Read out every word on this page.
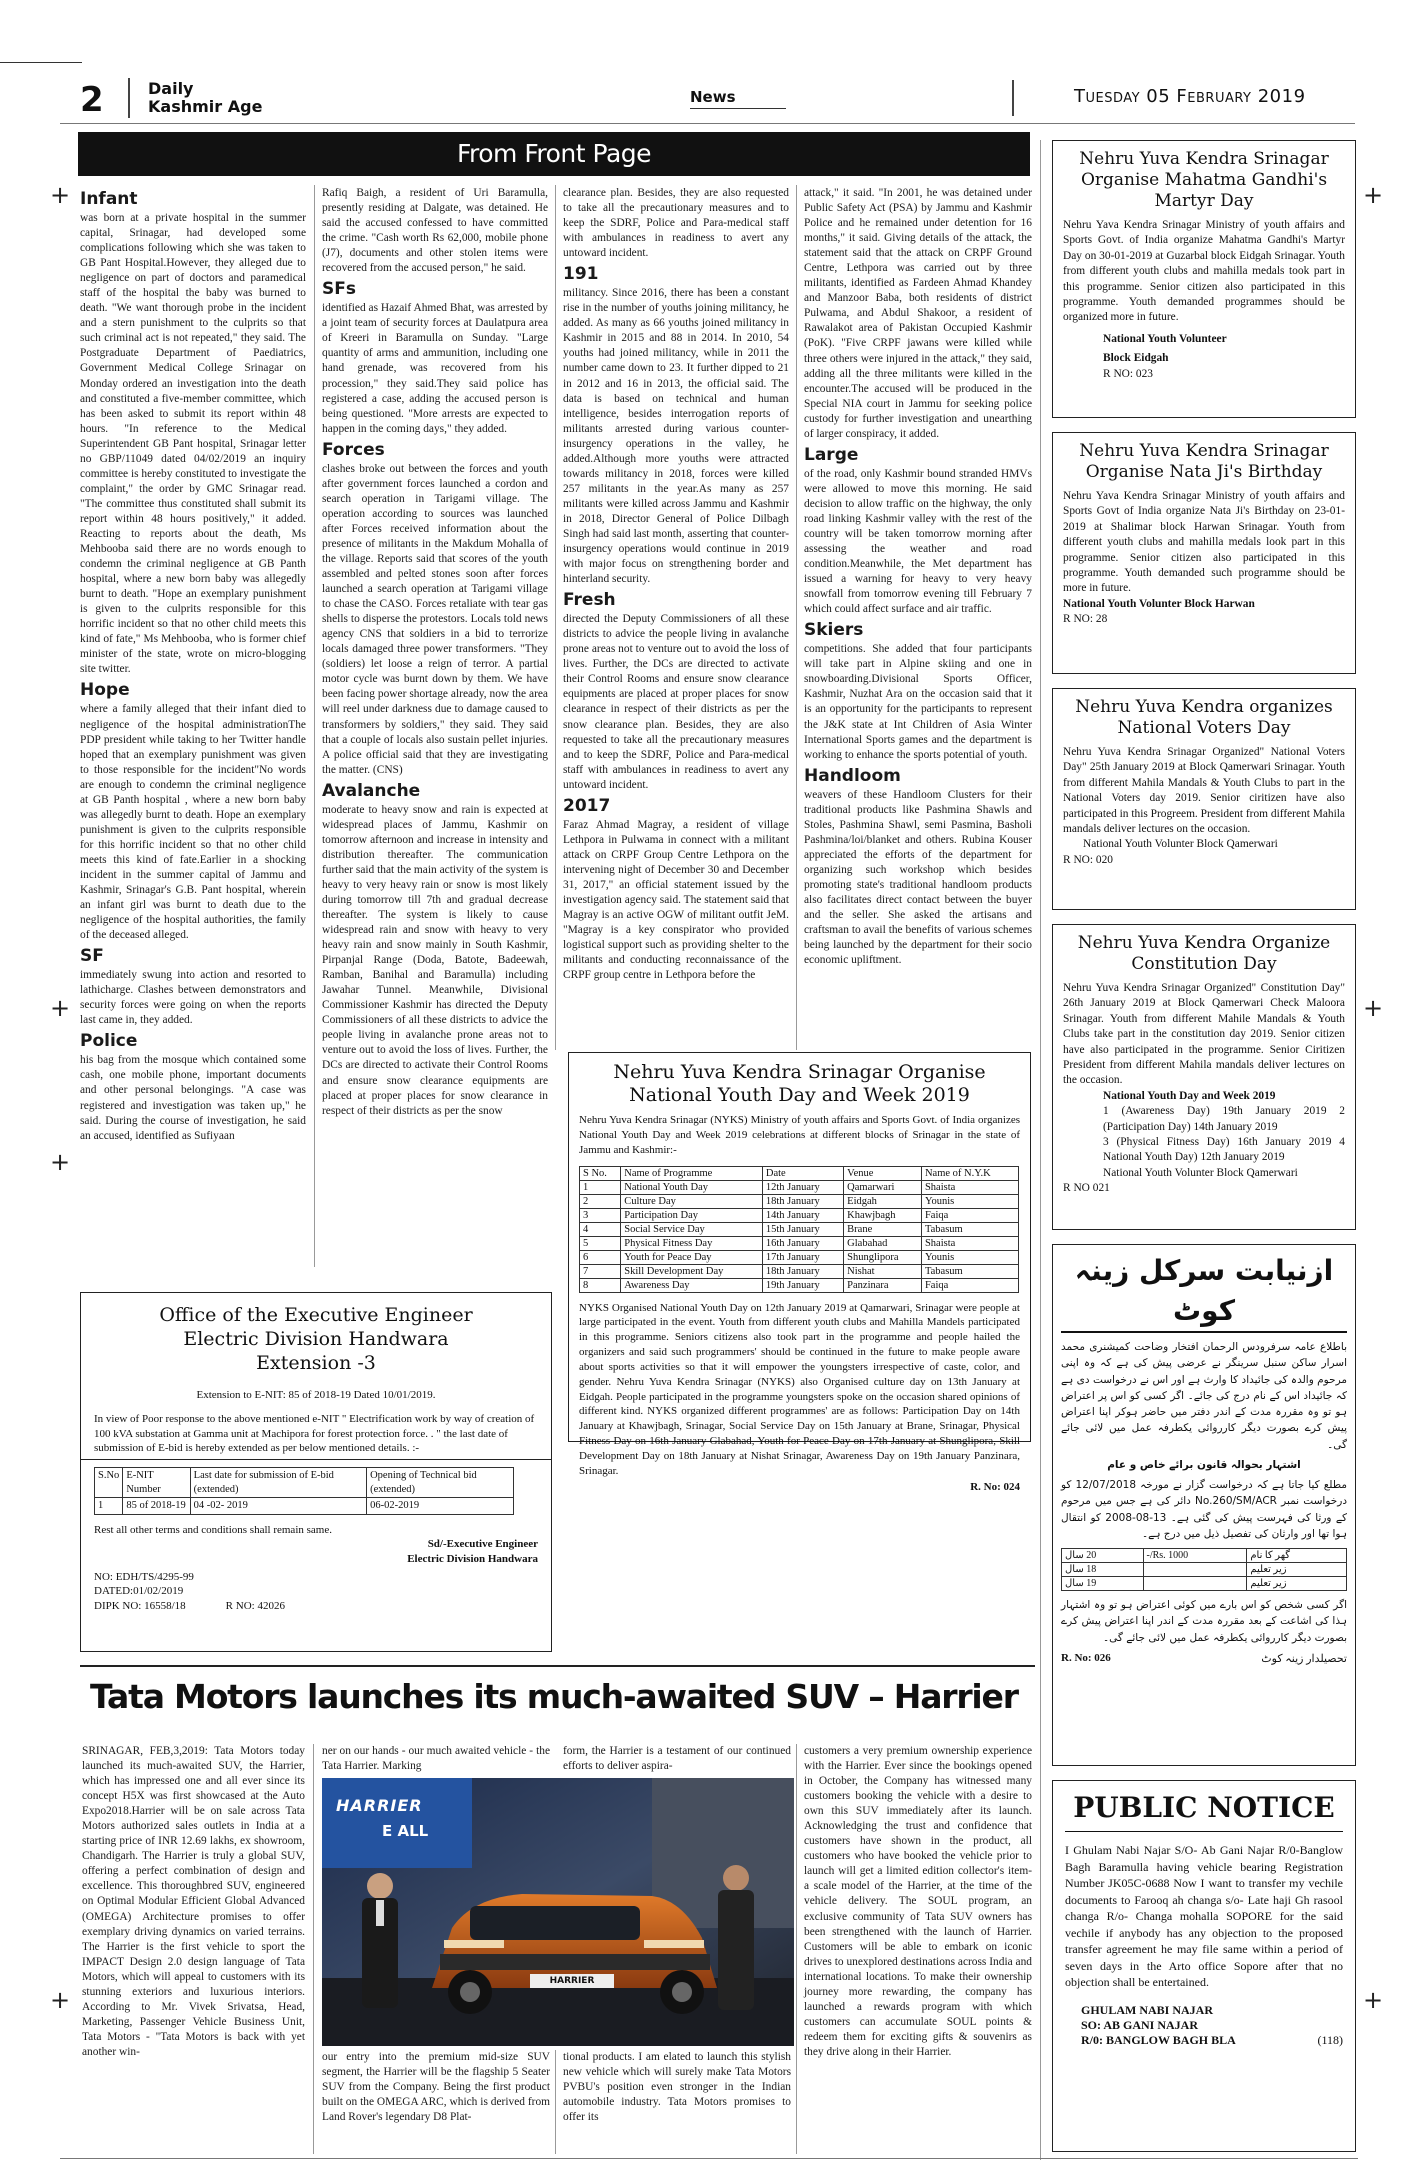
2	Daily
Kashmir Age	News	Tuesday 05 February 2019
From Front Page
+	+
+	+
+
+	+
Infant

was born at a private hospital in the summer capital, Srinagar, had developed some complications following which she was taken to GB Pant Hospital.However, they alleged due to negligence on part of doctors and paramedical staff of the hospital the baby was burned to death. "We want thorough probe in the incident and a stern punishment to the culprits so that such criminal act is not repeated," they said. The Postgraduate Department of Paediatrics, Government Medical College Srinagar on Monday ordered an investigation into the death and constituted a five-member committee, which has been asked to submit its report within 48 hours. "In reference to the Medical Superintendent GB Pant hospital, Srinagar letter no GBP/11049 dated 04/02/2019 an inquiry committee is hereby constituted to investigate the complaint," the order by GMC Srinagar read. "The committee thus constituted shall submit its report within 48 hours positively," it added. Reacting to reports about the death, Ms Mehbooba said there are no words enough to condemn the criminal negligence at GB Panth hospital, where a new born baby was allegedly burnt to death. "Hope an exemplary punishment is given to the culprits responsible for this horrific incident so that no other child meets this kind of fate," Ms Mehbooba, who is former chief minister of the state, wrote on micro-blogging site twitter.

Hope

where a family alleged that their infant died to negligence of the hospital administrationThe PDP president while taking to her Twitter handle hoped that an exemplary punishment was given to those responsible for the incident"No words are enough to condemn the criminal negligence at GB Panth hospital , where a new born baby was allegedly burnt to death. Hope an exemplary punishment is given to the culprits responsible for this horrific incident so that no other child meets this kind of fate.Earlier in a shocking incident in the summer capital of Jammu and Kashmir, Srinagar's G.B. Pant hospital, wherein an infant girl was burnt to death due to the negligence of the hospital authorities, the family of the deceased alleged.

SF

immediately swung into action and resorted to lathicharge. Clashes between demonstrators and security forces were going on when the reports last came in, they added.

Police

his bag from the mosque which contained some cash, one mobile phone, important documents and other personal belongings. "A case was registered and investigation was taken up," he said. During the course of investigation, he said an accused, identified as Sufiyaan

Rafiq Baigh, a resident of Uri Baramulla, presently residing at Dalgate, was detained. He said the accused confessed to have committed the crime. "Cash worth Rs 62,000, mobile phone (J7), documents and other stolen items were recovered from the accused person," he said.

SFs

identified as Hazaif Ahmed Bhat, was arrested by a joint team of security forces at Daulatpura area of Kreeri in Baramulla on Sunday. "Large quantity of arms and ammunition, including one hand grenade, was recovered from his procession," they said.They said police has registered a case, adding the accused person is being questioned. "More arrests are expected to happen in the coming days," they added.

Forces

clashes broke out between the forces and youth after government forces launched a cordon and search operation in Tarigami village. The operation according to sources was launched after Forces received information about the presence of militants in the Makdum Mohalla of the village. Reports said that scores of the youth assembled and pelted stones soon after forces launched a search operation at Tarigami village to chase the CASO. Forces retaliate with tear gas shells to disperse the protestors. Locals told news agency CNS that soldiers in a bid to terrorize locals damaged three power transformers. "They (soldiers) let loose a reign of terror. A partial motor cycle was burnt down by them. We have been facing power shortage already, now the area will reel under darkness due to damage caused to transformers by soldiers," they said. They said that a couple of locals also sustain pellet injuries. A police official said that they are investigating the matter. (CNS)

Avalanche

moderate to heavy snow and rain is expected at widespread places of Jammu, Kashmir on tomorrow afternoon and increase in intensity and distribution thereafter. The communication further said that the main activity of the system is heavy to very heavy rain or snow is most likely during tomorrow till 7th and gradual decrease thereafter. The system is likely to cause widespread rain and snow with heavy to very heavy rain and snow mainly in South Kashmir, Pirpanjal Range (Doda, Batote, Badeewah, Ramban, Banihal and Baramulla) including Jawahar Tunnel. Meanwhile, Divisional Commissioner Kashmir has directed the Deputy Commissioners of all these districts to advice the people living in avalanche prone areas not to venture out to avoid the loss of lives. Further, the DCs are directed to activate their Control Rooms and ensure snow clearance equipments are placed at proper places for snow clearance in respect of their districts as per the snow

clearance plan. Besides, they are also requested to take all the precautionary measures and to keep the SDRF, Police and Para-medical staff with ambulances in readiness to avert any untoward incident.

191

militancy. Since 2016, there has been a constant rise in the number of youths joining militancy, he added. As many as 66 youths joined militancy in Kashmir in 2015 and 88 in 2014. In 2010, 54 youths had joined militancy, while in 2011 the number came down to 23. It further dipped to 21 in 2012 and 16 in 2013, the official said. The data is based on technical and human intelligence, besides interrogation reports of militants arrested during various counter-insurgency operations in the valley, he added.Although more youths were attracted towards militancy in 2018, forces were killed 257 militants in the year.As many as 257 militants were killed across Jammu and Kashmir in 2018, Director General of Police Dilbagh Singh had said last month, asserting that counter-insurgency operations would continue in 2019 with major focus on strengthening border and hinterland security.

Fresh

directed the Deputy Commissioners of all these districts to advice the people living in avalanche prone areas not to venture out to avoid the loss of lives. Further, the DCs are directed to activate their Control Rooms and ensure snow clearance equipments are placed at proper places for snow clearance in respect of their districts as per the snow clearance plan. Besides, they are also requested to take all the precautionary measures and to keep the SDRF, Police and Para-medical staff with ambulances in readiness to avert any untoward incident.

2017

Faraz Ahmad Magray, a resident of village Lethpora in Pulwama in connect with a militant attack on CRPF Group Centre Lethpora on the intervening night of December 30 and December 31, 2017," an official statement issued by the investigation agency said. The statement said that Magray is an active OGW of militant outfit JeM. "Magray is a key conspirator who provided logistical support such as providing shelter to the militants and conducting reconnaissance of the CRPF group centre in Lethpora before the

attack," it said. "In 2001, he was detained under Public Safety Act (PSA) by Jammu and Kashmir Police and he remained under detention for 16 months," it said. Giving details of the attack, the statement said that the attack on CRPF Ground Centre, Lethpora was carried out by three militants, identified as Fardeen Ahmad Khandey and Manzoor Baba, both residents of district Pulwama, and Abdul Shakoor, a resident of Rawalakot area of Pakistan Occupied Kashmir (PoK). "Five CRPF jawans were killed while three others were injured in the attack," they said, adding all the three militants were killed in the encounter.The accused will be produced in the Special NIA court in Jammu for seeking police custody for further investigation and unearthing of larger conspiracy, it added.

Large

of the road, only Kashmir bound stranded HMVs were allowed to move this morning. He said decision to allow traffic on the highway, the only road linking Kashmir valley with the rest of the country will be taken tomorrow morning after assessing the weather and road condition.Meanwhile, the Met department has issued a warning for heavy to very heavy snowfall from tomorrow evening till February 7 which could affect surface and air traffic.

Skiers

competitions. She added that four participants will take part in Alpine skiing and one in snowboarding.Divisional Sports Officer, Kashmir, Nuzhat Ara on the occasion said that it is an opportunity for the participants to represent the J&K state at Int Children of Asia Winter International Sports games and the department is working to enhance the sports potential of youth.

Handloom

weavers of these Handloom Clusters for their traditional products like Pashmina Shawls and Stoles, Pashmina Shawl, semi Pasmina, Basholi Pashmina/loi/blanket and others. Rubina Kouser appreciated the efforts of the department for organizing such workshop which besides promoting state's traditional handloom products also facilitates direct contact between the buyer and the seller. She asked the artisans and craftsman to avail the benefits of various schemes being launched by the department for their socio economic upliftment.

Nehru Yuva Kendra Srinagar Organise National Youth Day and Week 2019

Nehru Yuva Kendra Srinagar (NYKS) Ministry of youth affairs and Sports Govt. of India organizes National Youth Day and Week 2019 celebrations at different blocks of Srinagar in the state of Jammu and Kashmir:-

S No.	Name of Programme	Date	Venue	Name of N.Y.K
1	National Youth Day	12th January	Qamarwari	Shaista
2	Culture Day	18th January	Eidgah	Younis
3	Participation Day	14th January	Khawjbagh	Faiqa
4	Social Service Day	15th January	Brane	Tabasum
5	Physical Fitness Day	16th January	Glabahad	Shaista
6	Youth for Peace Day	17th January	Shunglipora	Younis
7	Skill Development Day	18th January	Nishat	Tabasum
8	Awareness Day	19th January	Panzinara	Faiqa

NYKS Organised National Youth Day on 12th January 2019 at Qamarwari, Srinagar were people at large participated in the event. Youth from different youth clubs and Mahilla Mandels participated in this programme. Seniors citizens also took part in the programme and people hailed the organizers and said such programmers' should be continued in the future to make people aware about sports activities so that it will empower the youngsters irrespective of caste, color, and gender. Nehru Yuva Kendra Srinagar (NYKS) also Organised culture day on 13th January at Eidgah. People participated in the programme youngsters spoke on the occasion shared opinions of different kind. NYKS organized different programmes' are as follows: Participation Day on 14th January at Khawjbagh, Srinagar, Social Service Day on 15th January at Brane, Srinagar, Physical Fitness Day on 16th January Glabahad, Youth for Peace Day on 17th January at Shunglipora, Skill Development Day on 18th January at Nishat Srinagar, Awareness Day on 19th January Panzinara, Srinagar.

R. No: 024
Office of the Executive Engineer
Electric Division Handwara
Extension -3
Extension to E-NIT: 85 of 2018-19 Dated 10/01/2019.

In view of Poor response to the above mentioned e-NIT " Electrification work by way of creation of 100 kVA substation at Gamma unit at Machipora for forest protection force. . " the last date of submission of E-bid is hereby extended as per below mentioned details. :-

S.No	E-NIT Number	Last date for submission of E-bid (extended)	Opening of Technical bid (extended)
1	85 of 2018-19	04 -02- 2019	06-02-2019
Rest all other terms and conditions shall remain same.
Sd/-Executive Engineer
Electric Division Handwara
NO: EDH/TS/4295-99
DATED:01/02/2019
DIPK NO: 16558/18	R NO: 42026
Nehru Yuva Kendra Srinagar Organise Mahatma Gandhi's Martyr Day

Nehru Yava Kendra Srinagar Ministry of youth affairs and Sports Govt. of India organize Mahatma Gandhi's Martyr Day on 30-01-2019 at Guzarbal block Eidgah Srinagar. Youth from different youth clubs and mahilla medals took part in this programme. Senior citizen also participated in this programme. Youth demanded programmes should be organized more in future.

National Youth Volunteer
Block Eidgah
R NO: 023
Nehru Yuva Kendra Srinagar Organise Nata Ji's Birthday

Nehru Yava Kendra Srinagar Ministry of youth affairs and Sports Govt of India organize Nata Ji's Birthday on 23-01-2019 at Shalimar block Harwan Srinagar. Youth from different youth clubs and mahilla medals look part in this programme. Senior citizen also participated in this programme. Youth demanded such programme should be more in future.

National Youth Volunter Block Harwan
R NO: 28
Nehru Yuva Kendra organizes National Voters Day

Nehru Yuva Kendra Srinagar Organized" National Voters Day" 25th January 2019 at Block Qamerwari Srinagar. Youth from different Mahila Mandals & Youth Clubs to part in the National Voters day 2019. Senior ciritizen have also participated in this Progreem. President from different Mahila mandals deliver lectures on the occasion.

National Youth Volunter Block Qamerwari
R NO: 020
Nehru Yuva Kendra Organize Constitution Day

Nehru Yuva Kendra Srinagar Organized" Constitution Day" 26th January 2019 at Block Qamerwari Check Maloora Srinagar. Youth from different Mahile Mandals & Youth Clubs take part in the constitution day 2019. Senior citizen have also participated in the programme. Senior Ciritizen President from different Mahila mandals deliver lectures on the occasion.

National Youth Day and Week 2019
1 (Awareness Day) 19th January 2019 2 (Participation Day) 14th January 2019
3 (Physical Fitness Day) 16th January 2019 4 National Youth Day) 12th January 2019
National Youth Volunter Block Qamerwari
R NO 021
ازنیابت سرکل زینہ کوٹ

باطلاع عامہ سرفرودس الرحمان افتخار وضاحت کمیشنری محمد اسرار ساکن سنبل سرینگر نے عرضی پیش کی ہے کہ وہ اپنی مرحوم والدہ کی جائیداد کا وارث ہے اور اس نے درخواست دی ہے کہ جائیداد اس کے نام درج کی جائے۔ اگر کسی کو اس پر اعتراض ہو تو وہ مقررہ مدت کے اندر دفتر میں حاضر ہوکر اپنا اعتراض پیش کرے بصورت دیگر کارروائی یکطرفہ عمل میں لائی جائے گی۔

اشتہار بحوالہ قانون برائے خاص و عام

مطلع کیا جاتا ہے کہ درخواست گزار نے مورخہ 12/07/2018 کو درخواست نمبر No.260/SM/ACR دائر کی ہے جس میں مرحوم کے ورثا کی فہرست پیش کی گئی ہے۔ 13-08-2008 کو انتقال ہوا تھا اور وارثان کی تفصیل ذیل میں درج ہے۔

گھر کا نام	Rs. 1000/-	20 سال
زیر تعلیم		18 سال
زیر تعلیم		19 سال

اگر کسی شخص کو اس بارے میں کوئی اعتراض ہو تو وہ اشتہار ہذا کی اشاعت کے بعد مقررہ مدت کے اندر اپنا اعتراض پیش کرے بصورت دیگر کارروائی یکطرفہ عمل میں لائی جائے گی۔

R. No: 026	تحصیلدار زینہ کوٹ
PUBLIC NOTICE

I Ghulam Nabi Najar S/O- Ab Gani Najar R/0-Banglow Bagh Baramulla having vehicle bearing Registration Number JK05C-0688 Now I want to transfer my vechile documents to Farooq ah changa s/o- Late haji Gh rasool changa R/o- Changa mohalla SOPORE for the said vechile if anybody has any objection to the proposed transfer agreement he may file same within a period of seven days in the Arto office Sopore after that no objection shall be entertained.

GHULAM NABI NAJAR
SO: AB GANI NAJAR
R/0: BANGLOW BAGH BLA	(118)
Tata Motors launches its much-awaited SUV – Harrier

SRINAGAR, FEB,3,2019: Tata Motors today launched its much-awaited SUV, the Harrier, which has impressed one and all ever since its concept H5X was first showcased at the Auto Expo2018.Harrier will be on sale across Tata Motors authorized sales outlets in India at a starting price of INR 12.69 lakhs, ex showroom, Chandigarh. The Harrier is truly a global SUV, offering a perfect combination of design and excellence. This thoroughbred SUV, engineered on Optimal Modular Efficient Global Advanced (OMEGA) Architecture promises to offer exemplary driving dynamics on varied terrains. The Harrier is the first vehicle to sport the IMPACT Design 2.0 design language of Tata Motors, which will appeal to customers with its stunning exteriors and luxurious interiors. According to Mr. Vivek Srivatsa, Head, Marketing, Passenger Vehicle Business Unit, Tata Motors - "Tata Motors is back with yet another win-

ner on our hands - our much awaited vehicle - the Tata Harrier. Marking

form, the Harrier is a testament of our continued efforts to deliver aspira-

HARRIER
E ALL
HARRIER

our entry into the premium mid-size SUV segment, the Harrier will be the flagship 5 Seater SUV from the Company. Being the first product built on the OMEGA ARC, which is derived from Land Rover's legendary D8 Plat-

tional products. I am elated to launch this stylish new vehicle which will surely make Tata Motors PVBU's position even stronger in the Indian automobile industry. Tata Motors promises to offer its

customers a very premium ownership experience with the Harrier. Ever since the bookings opened in October, the Company has witnessed many customers booking the vehicle with a desire to own this SUV immediately after its launch. Acknowledging the trust and confidence that customers have shown in the product, all customers who have booked the vehicle prior to launch will get a limited edition collector's item- a scale model of the Harrier, at the time of the vehicle delivery. The SOUL program, an exclusive community of Tata SUV owners has been strengthened with the launch of Harrier. Customers will be able to embark on iconic drives to unexplored destinations across India and international locations. To make their ownership journey more rewarding, the company has launched a rewards program with which customers can accumulate SOUL points & redeem them for exciting gifts & souvenirs as they drive along in their Harrier.
